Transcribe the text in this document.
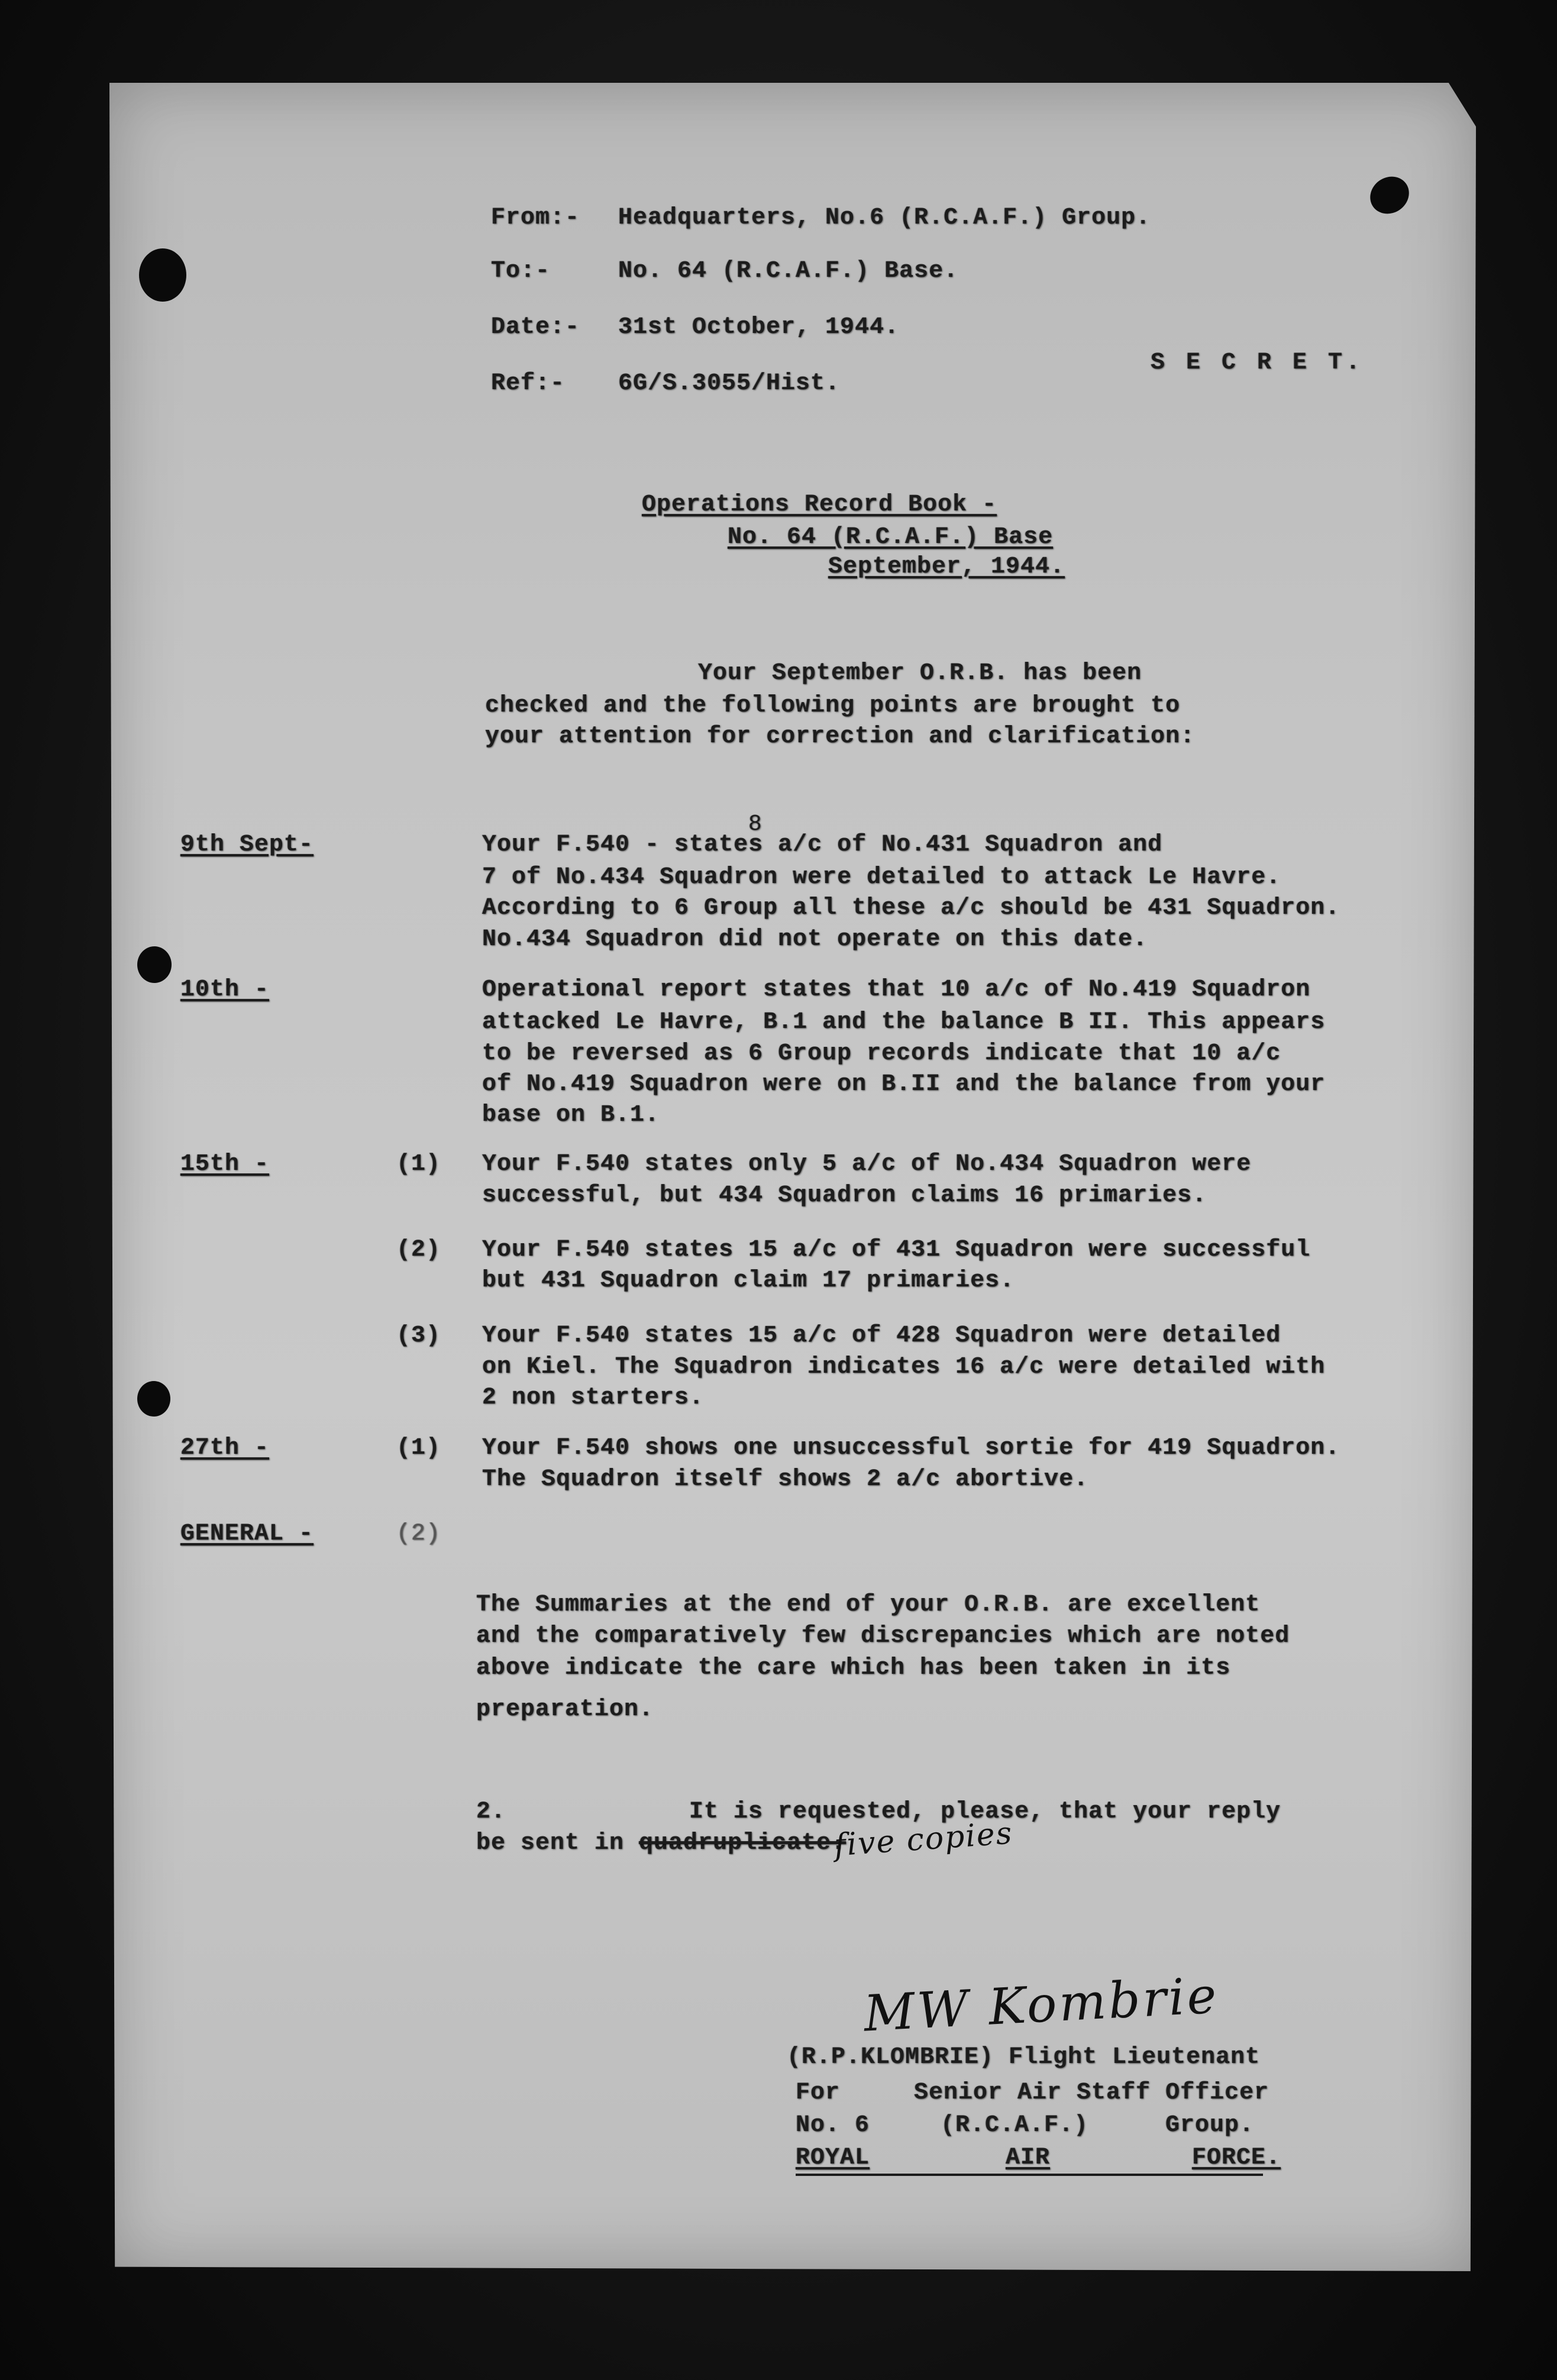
From:- Headquarters, No.6 (R.C.A.F.) Group.
To:-	No. 64 (R.C.A.F.) Base.
Date:- 31st October, 1944.
Ref:- 6G/S.3055/Hist.
S E C R E T.
Operations Record Book -
No. 64 (R.C.A.F.) Base
September, 1944.
Your September O.R.B. has been
checked and the following points are brought to
your attention for correction and clarification:
8
9th Sept-	Your F.540 - states a/c of No.431 Squadron and
7 of No.434 Squadron were detailed to attack Le Havre.
According to 6 Group all these a/c should be 431 Squadron.
No.434 Squadron did not operate on this date.
10th -	Operational report states that 10 a/c of No.419 Squadron
attacked Le Havre, B.1 and the balance B II. This appears
to be reversed as 6 Group records indicate that 10 a/c
of No.419 Squadron were on B.II and the balance from your
base on B.1.
15th -	(1) Your F.540 states only 5 a/c of No.434 Squadron were
successful, but 434 Squadron claims 16 primaries.
(2) Your F.540 states 15 a/c of 431 Squadron were successful
but 431 Squadron claim 17 primaries.
(3) Your F.540 states 15 a/c of 428 Squadron were detailed
on Kiel. The Squadron indicates 16 a/c were detailed with
2 non starters.
27th -	(1) Your F.540 shows one unsuccessful sortie for 419 Squadron.
The Squadron itself shows 2 a/c abortive.
GENERAL -	(2)
The Summaries at the end of your O.R.B. are excellent
and the comparatively few discrepancies which are noted
above indicate the care which has been taken in its
preparation.
2.	It is requested, please, that your reply
be sent in quadruplicate.
five copies
MW Kombrie
(R.P.KLOMBRIE) Flight Lieutenant
For	Senior Air Staff Officer
No. 6	(R.C.A.F.)	Group.
ROYAL	AIR	FORCE.
